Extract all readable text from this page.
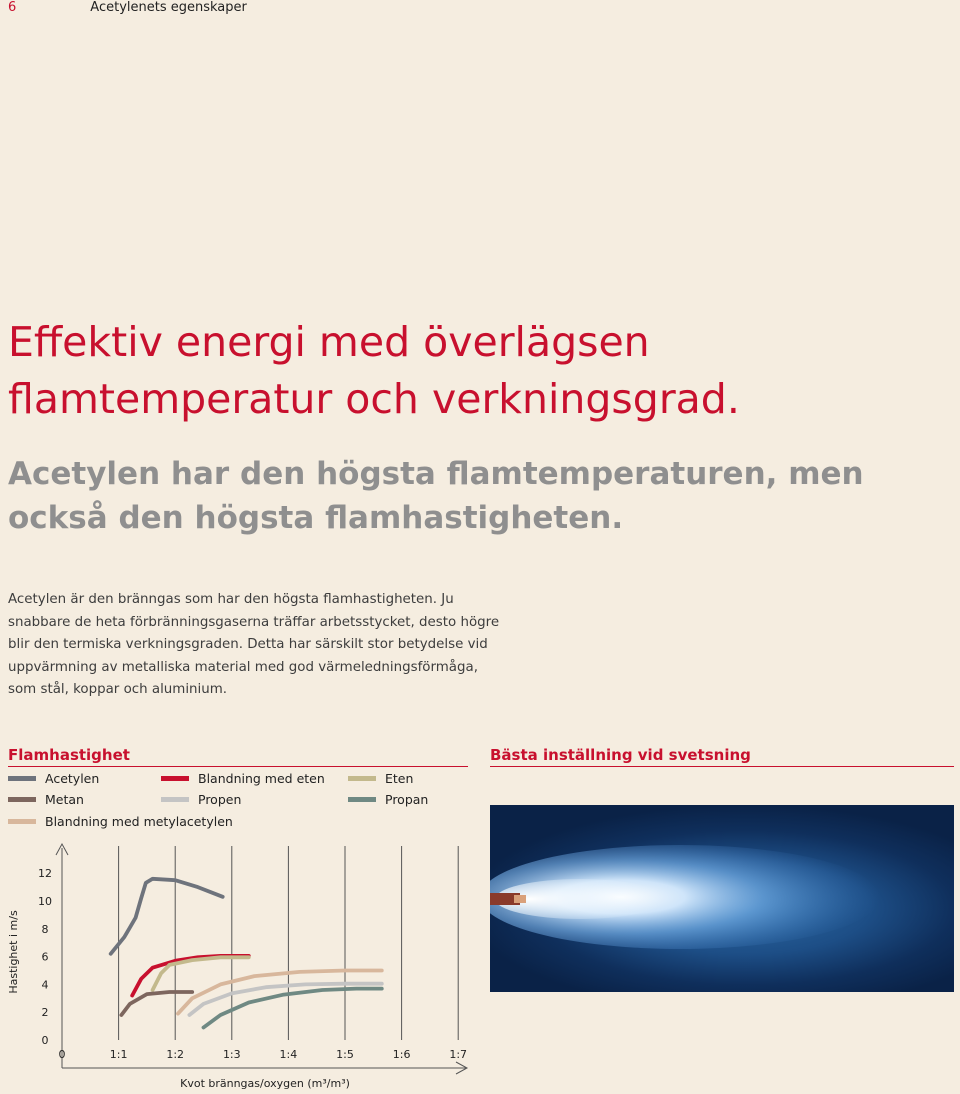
6	Acetylenets egenskaper
Effektiv energi med överlägsen flamtemperatur och verkningsgrad.
Acetylen har den högsta flamtemperaturen, men också den högsta flamhastigheten.

Acetylen är den bränngas som har den högsta flamhastigheten. Ju snabbare de heta förbränningsgaserna träffar arbetsstycket, desto högre blir den termiska verkningsgraden. Detta har särskilt stor betydelse vid uppvärmning av metalliska material med god värmeledningsförmåga, som stål, koppar och aluminium.

Flamhastighet	Bästa inställning vid svetsning
Acetylen	Blandning med eten	Eten
Metan	Propen	Propan
Blandning med metylacetylen
0
2
4
6
8
10
12
0	1:1	1:2	1:3	1:4	1:5	1:6	1:7
Hastighet i m/s
Kvot bränngas/oxygen (m³/m³)
